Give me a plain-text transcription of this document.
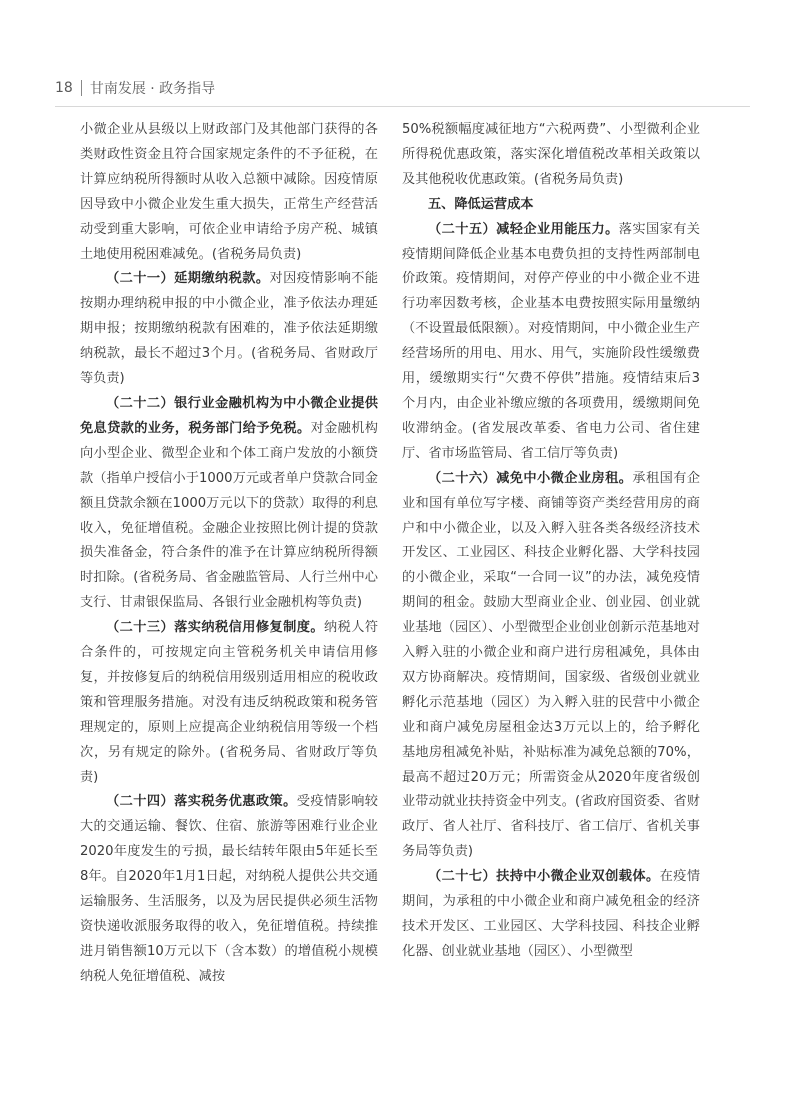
18 甘南发展 · 政务指导

小微企业从县级以上财政部门及其他部门获得的各类财政性资金且符合国家规定条件的不予征税，在计算应纳税所得额时从收入总额中减除。因疫情原因导致中小微企业发生重大损失，正常生产经营活动受到重大影响，可依企业申请给予房产税、城镇土地使用税困难减免。(省税务局负责)

（二十一）延期缴纳税款。对因疫情影响不能按期办理纳税申报的中小微企业，准予依法办理延期申报；按期缴纳税款有困难的，准予依法延期缴纳税款，最长不超过3个月。(省税务局、省财政厅等负责)

（二十二）银行业金融机构为中小微企业提供免息贷款的业务，税务部门给予免税。对金融机构向小型企业、微型企业和个体工商户发放的小额贷款（指单户授信小于1000万元或者单户贷款合同金额且贷款余额在1000万元以下的贷款）取得的利息收入，免征增值税。金融企业按照比例计提的贷款损失准备金，符合条件的准予在计算应纳税所得额时扣除。(省税务局、省金融监管局、人行兰州中心支行、甘肃银保监局、各银行业金融机构等负责)

（二十三）落实纳税信用修复制度。纳税人符合条件的，可按规定向主管税务机关申请信用修复，并按修复后的纳税信用级别适用相应的税收政策和管理服务措施。对没有违反纳税政策和税务管理规定的，原则上应提高企业纳税信用等级一个档次，另有规定的除外。(省税务局、省财政厅等负责)

（二十四）落实税务优惠政策。受疫情影响较大的交通运输、餐饮、住宿、旅游等困难行业企业2020年度发生的亏损，最长结转年限由5年延长至8年。自2020年1月1日起，对纳税人提供公共交通运输服务、生活服务，以及为居民提供必须生活物资快递收派服务取得的收入，免征增值税。持续推进月销售额10万元以下（含本数）的增值税小规模纳税人免征增值税、减按

50%税额幅度减征地方“六税两费”、小型微利企业所得税优惠政策，落实深化增值税改革相关政策以及其他税收优惠政策。(省税务局负责)

五、降低运营成本

（二十五）减轻企业用能压力。落实国家有关疫情期间降低企业基本电费负担的支持性两部制电价政策。疫情期间，对停产停业的中小微企业不进行功率因数考核，企业基本电费按照实际用量缴纳（不设置最低限额）。对疫情期间，中小微企业生产经营场所的用电、用水、用气，实施阶段性缓缴费用，缓缴期实行“欠费不停供”措施。疫情结束后3个月内，由企业补缴应缴的各项费用，缓缴期间免收滞纳金。(省发展改革委、省电力公司、省住建厅、省市场监管局、省工信厅等负责)

（二十六）减免中小微企业房租。承租国有企业和国有单位写字楼、商铺等资产类经营用房的商户和中小微企业，以及入孵入驻各类各级经济技术开发区、工业园区、科技企业孵化器、大学科技园的小微企业，采取“一合同一议”的办法，减免疫情期间的租金。鼓励大型商业企业、创业园、创业就业基地（园区）、小型微型企业创业创新示范基地对入孵入驻的小微企业和商户进行房租减免，具体由双方协商解决。疫情期间，国家级、省级创业就业孵化示范基地（园区）为入孵入驻的民营中小微企业和商户减免房屋租金达3万元以上的，给予孵化基地房租减免补贴，补贴标准为减免总额的70%，最高不超过20万元；所需资金从2020年度省级创业带动就业扶持资金中列支。(省政府国资委、省财政厅、省人社厅、省科技厅、省工信厅、省机关事务局等负责)

（二十七）扶持中小微企业双创载体。在疫情期间，为承租的中小微企业和商户减免租金的经济技术开发区、工业园区、大学科技园、科技企业孵化器、创业就业基地（园区）、小型微型
